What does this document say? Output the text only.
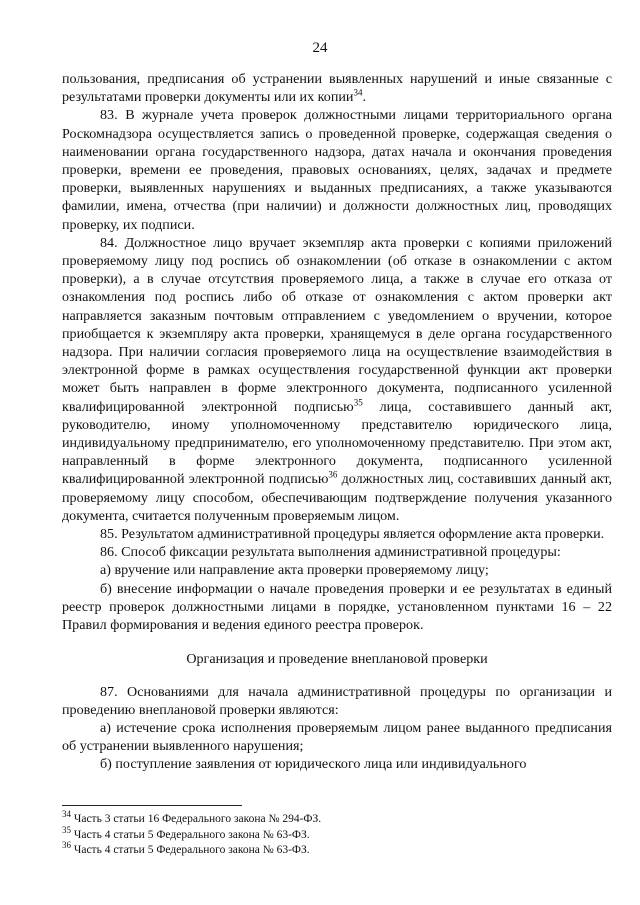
24

пользования, предписания об устранении выявленных нарушений и иные связанные с результатами проверки документы или их копии$^{34}$.

83. В журнале учета проверок должностными лицами территориального органа Роскомнадзора осуществляется запись о проведенной проверке, содержащая сведения о наименовании органа государственного надзора, датах начала и окончания проведения проверки, времени ее проведения, правовых основаниях, целях, задачах и предмете проверки, выявленных нарушениях и выданных предписаниях, а также указываются фамилии, имена, отчества (при наличии) и должности должностных лиц, проводящих проверку, их подписи.

84. Должностное лицо вручает экземпляр акта проверки с копиями приложений проверяемому лицу под роспись об ознакомлении (об отказе в ознакомлении с актом проверки), а в случае отсутствия проверяемого лица, а также в случае его отказа от ознакомления под роспись либо об отказе от ознакомления с актом проверки акт направляется заказным почтовым отправлением с уведомлением о вручении, которое приобщается к экземпляру акта проверки, хранящемуся в деле органа государственного надзора. При наличии согласия проверяемого лица на осуществление взаимодействия в электронной форме в рамках осуществления государственной функции акт проверки может быть направлен в форме электронного документа, подписанного усиленной квалифицированной электронной подписью$^{35}$ лица, составившего данный акт, руководителю, иному уполномоченному представителю юридического лица, индивидуальному предпринимателю, его уполномоченному представителю. При этом акт, направленный в форме электронного документа, подписанного усиленной квалифицированной электронной подписью$^{36}$ должностных лиц, составивших данный акт, проверяемому лицу способом, обеспечивающим подтверждение получения указанного документа, считается полученным проверяемым лицом.

85. Результатом административной процедуры является оформление акта проверки.

86. Способ фиксации результата выполнения административной процедуры:

а) вручение или направление акта проверки проверяемому лицу;

б) внесение информации о начале проведения проверки и ее результатах в единый реестр проверок должностными лицами в порядке, установленном пунктами 16 – 22 Правил формирования и ведения единого реестра проверок.

Организация и проведение внеплановой проверки

87. Основаниями для начала административной процедуры по организации и проведению внеплановой проверки являются:

а) истечение срока исполнения проверяемым лицом ранее выданного предписания об устранении выявленного нарушения;

б) поступление заявления от юридического лица или индивидуального

$^{34}$ Часть 3 статьи 16 Федерального закона № 294-ФЗ.

$^{35}$ Часть 4 статьи 5 Федерального закона № 63-ФЗ.

$^{36}$ Часть 4 статьи 5 Федерального закона № 63-ФЗ.
